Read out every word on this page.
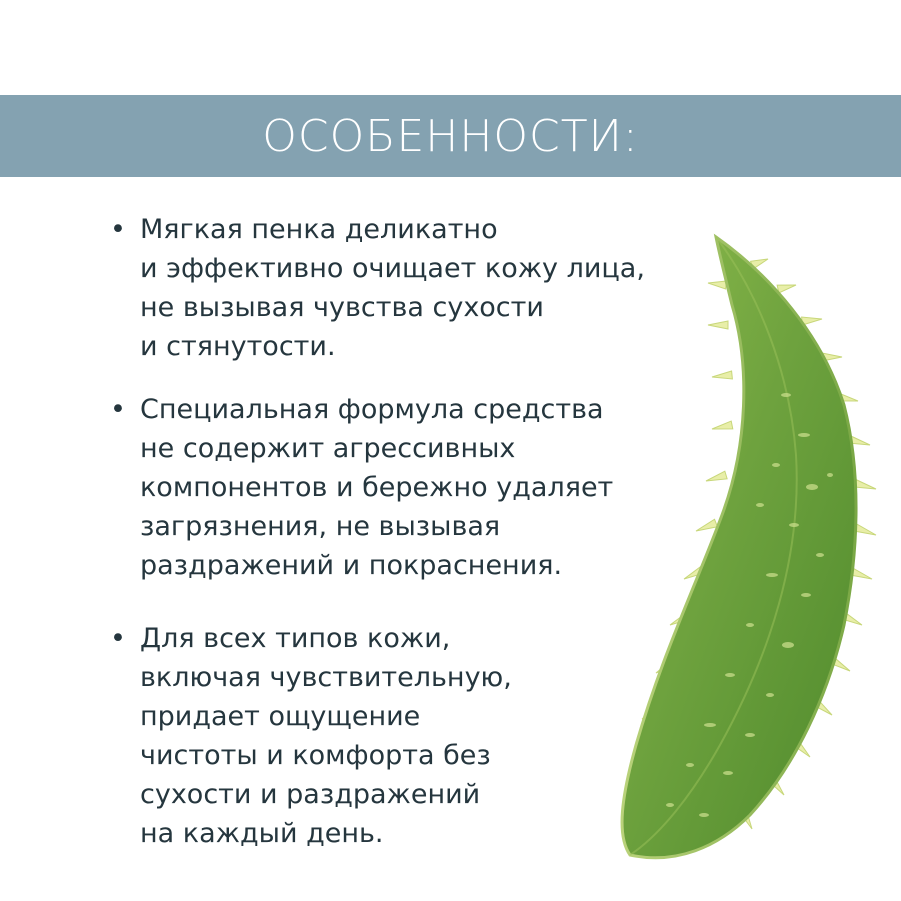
ОСОБЕННОСТИ:
• Мягкая пенка деликатно
и эффективно очищает кожу лица,
не вызывая чувства сухости
и стянутости.
• Специальная формула средства
не содержит агрессивных
компонентов и бережно удаляет
загрязнения, не вызывая
раздражений и покраснения.
• Для всех типов кожи,
включая чувствительную,
придает ощущение
чистоты и комфорта без
сухости и раздражений
на каждый день.
